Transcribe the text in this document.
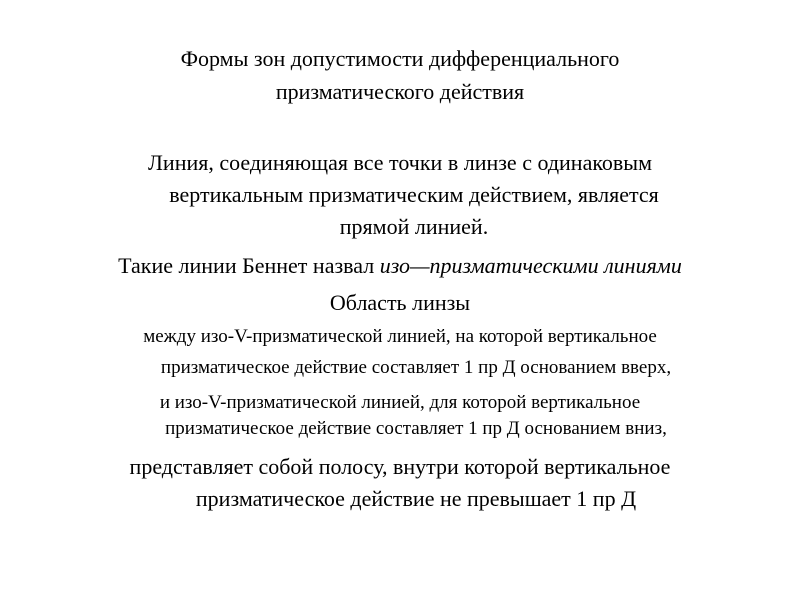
Формы зон допустимости дифференциального
призматического действия
Линия, соединяющая все точки в линзе с одинаковым
вертикальным призматическим действием, является
прямой линией.
Такие линии Беннет назвал изо—призматическими линиями
Область линзы
между изо-V-призматической линией, на которой вертикальное
призматическое действие составляет 1 пр Д основанием вверх,
и изо-V-призматической линией, для которой вертикальное
призматическое действие составляет 1 пр Д основанием вниз,
представляет собой полосу, внутри которой вертикальное
призматическое действие не превышает 1 пр Д
